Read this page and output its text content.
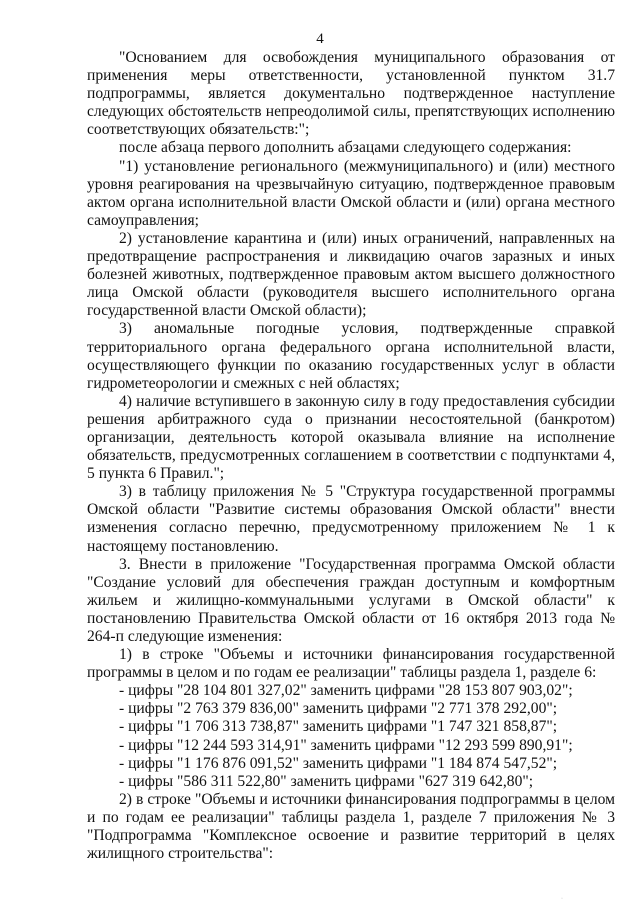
4

"Основанием для освобождения муниципального образования от применения меры ответственности, установленной пунктом 31.7 подпрограммы, является документально подтвержденное наступление следующих обстоятельств непреодолимой силы, препятствующих исполнению соответствующих обязательств:";

после абзаца первого дополнить абзацами следующего содержания:

"1) установление регионального (межмуниципального) и (или) местного уровня реагирования на чрезвычайную ситуацию, подтвержденное правовым актом органа исполнительной власти Омской области и (или) органа местного самоуправления;

2) установление карантина и (или) иных ограничений, направленных на предотвращение распространения и ликвидацию очагов заразных и иных болезней животных, подтвержденное правовым актом высшего должностного лица Омской области (руководителя высшего исполнительного органа государственной власти Омской области);

3) аномальные погодные условия, подтвержденные справкой территориального органа федерального органа исполнительной власти, осуществляющего функции по оказанию государственных услуг в области гидрометеорологии и смежных с ней областях;

4) наличие вступившего в законную силу в году предоставления субсидии решения арбитражного суда о признании несостоятельной (банкротом) организации, деятельность которой оказывала влияние на исполнение обязательств, предусмотренных соглашением в соответствии с подпунктами 4, 5 пункта 6 Правил.";

3) в таблицу приложения № 5 "Структура государственной программы Омской области "Развитие системы образования Омской области" внести изменения согласно перечню, предусмотренному приложением № 1 к настоящему постановлению.

3. Внести в приложение "Государственная программа Омской области "Создание условий для обеспечения граждан доступным и комфортным жильем и жилищно-коммунальными услугами в Омской области" к постановлению Правительства Омской области от 16 октября 2013 года № 264-п следующие изменения:

1) в строке "Объемы и источники финансирования государственной программы в целом и по годам ее реализации" таблицы раздела 1, разделе 6:

- цифры "28 104 801 327,02" заменить цифрами "28 153 807 903,02";

- цифры "2 763 379 836,00" заменить цифрами "2 771 378 292,00";

- цифры "1 706 313 738,87" заменить цифрами "1 747 321 858,87";

- цифры "12 244 593 314,91" заменить цифрами "12 293 599 890,91";

- цифры "1 176 876 091,52" заменить цифрами "1 184 874 547,52";

- цифры "586 311 522,80" заменить цифрами "627 319 642,80";

2) в строке "Объемы и источники финансирования подпрограммы в целом и по годам ее реализации" таблицы раздела 1, разделе 7 приложения № 3 "Подпрограмма "Комплексное освоение и развитие территорий в целях жилищного строительства":

·
